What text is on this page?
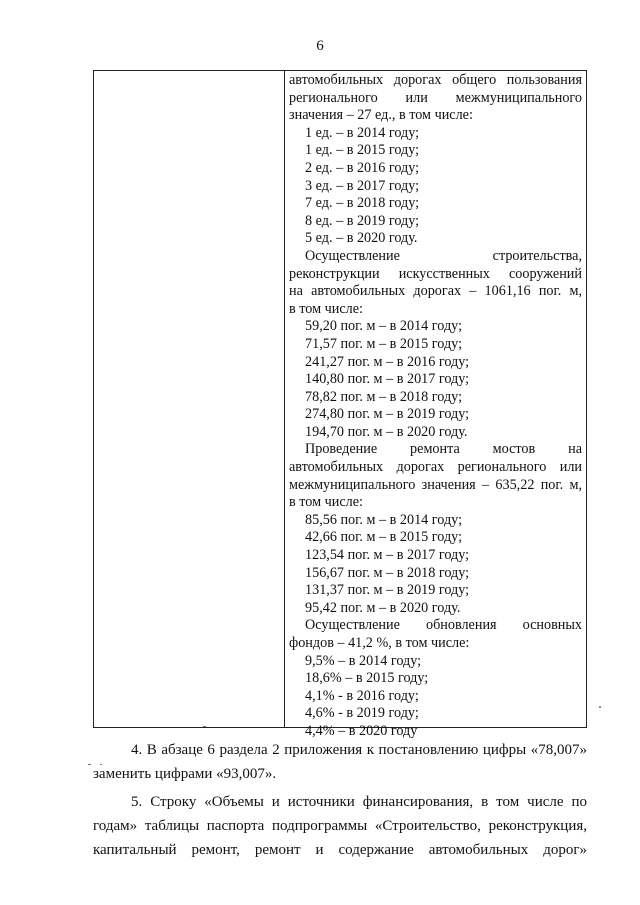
6
автомобильных дорогах общего пользования
регионального или межмуниципального
значения – 27 ед., в том числе:
1 ед. – в 2014 году;
1 ед. – в 2015 году;
2 ед. – в 2016 году;
3 ед. – в 2017 году;
7 ед. – в 2018 году;
8 ед. – в 2019 году;
5 ед. – в 2020 году.
Осуществление строительства,
реконструкции искусственных сооружений
на автомобильных дорогах – 1061,16 пог. м,
в том числе:
59,20 пог. м – в 2014 году;
71,57 пог. м – в 2015 году;
241,27 пог. м – в 2016 году;
140,80 пог. м – в 2017 году;
78,82 пог. м – в 2018 году;
274,80 пог. м – в 2019 году;
194,70 пог. м – в 2020 году.
Проведение ремонта мостов на
автомобильных дорогах регионального или
межмуниципального значения – 635,22 пог. м,
в том числе:
85,56 пог. м – в 2014 году;
42,66 пог. м – в 2015 году;
123,54 пог. м – в 2017 году;
156,67 пог. м – в 2018 году;
131,37 пог. м – в 2019 году;
95,42 пог. м – в 2020 году.
Осуществление обновления основных
фондов – 41,2 %, в том числе:
9,5% – в 2014 году;
18,6% – в 2015 году;
4,1% - в 2016 году;
4,6% - в 2019 году;
4,4% – в 2020 году
4. В абзаце 6 раздела 2 приложения к постановлению цифры «78,007»
заменить цифрами «93,007».
5. Строку «Объемы и источники финансирования, в том числе по
годам» таблицы паспорта подпрограммы «Строительство, реконструкция,
капитальный ремонт, ремонт и содержание автомобильных дорог»
